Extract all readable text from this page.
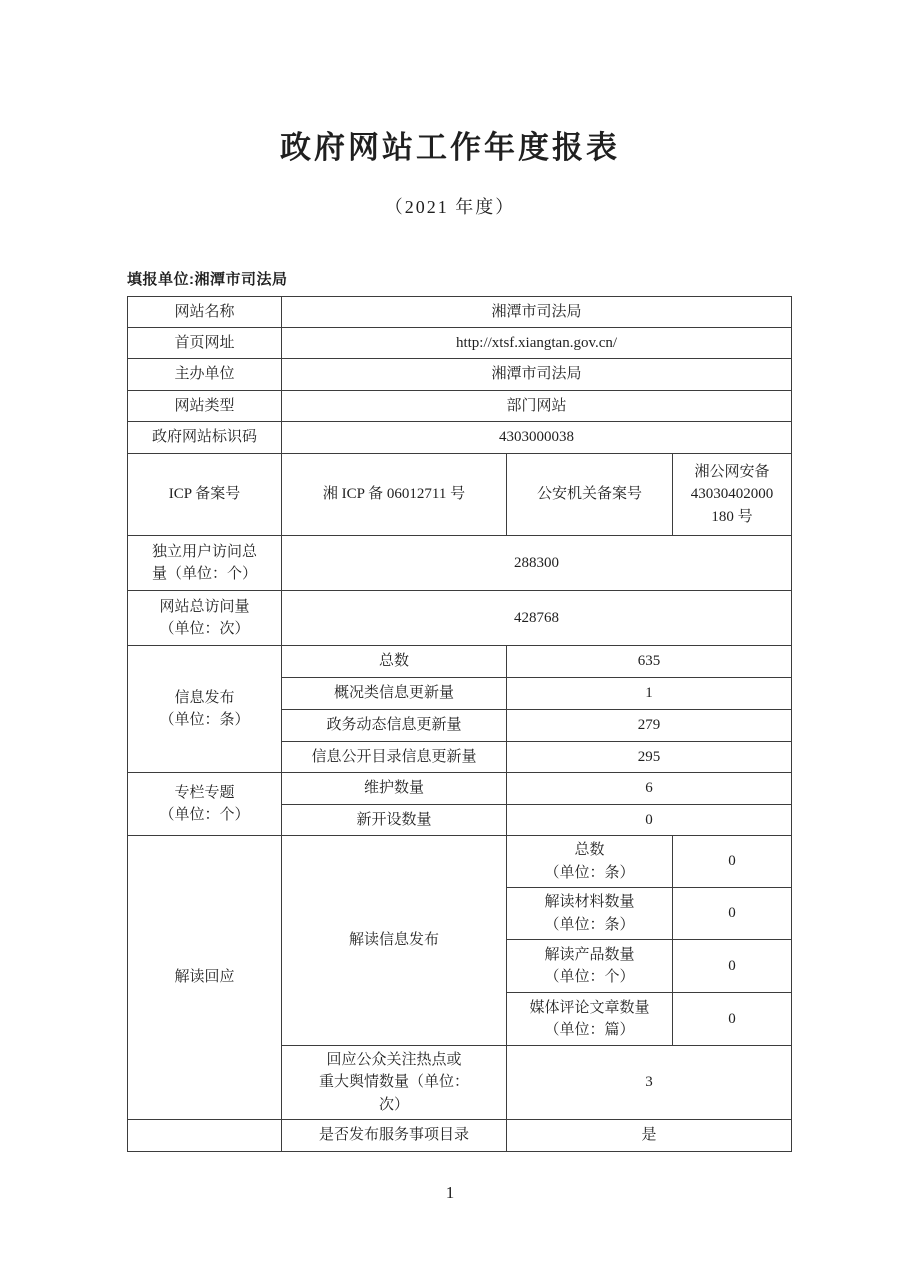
政府网站工作年度报表
（2021 年度）
填报单位:湘潭市司法局
网站名称	湘潭市司法局		
首页网址	http://xtsf.xiangtan.gov.cn/		
主办单位	湘潭市司法局		
网站类型	部门网站		
政府网站标识码	4303000038		
ICP 备案号	湘 ICP 备 06012711 号	公安机关备案号	湘公网安备
43030402000
180 号

独立用户访问总
量（单位：个）	288300		

网站总访问量
（单位：次）	428768		

信息发布
（单位：条）	总数	635	
	概况类信息更新量	1	
	政务动态信息更新量	279	
	信息公开目录信息更新量	295	

专栏专题
（单位：个）	维护数量	6	
	新开设数量	0	
解读回应	解读信息发布	总数
（单位：条）	0

		解读材料数量
（单位：条）	0

		解读产品数量
（单位：个）	0

		媒体评论文章数量
（单位：篇）	0

	回应公众关注热点或
重大舆情数量（单位：
次）	3	
	是否发布服务事项目录	是	
1
